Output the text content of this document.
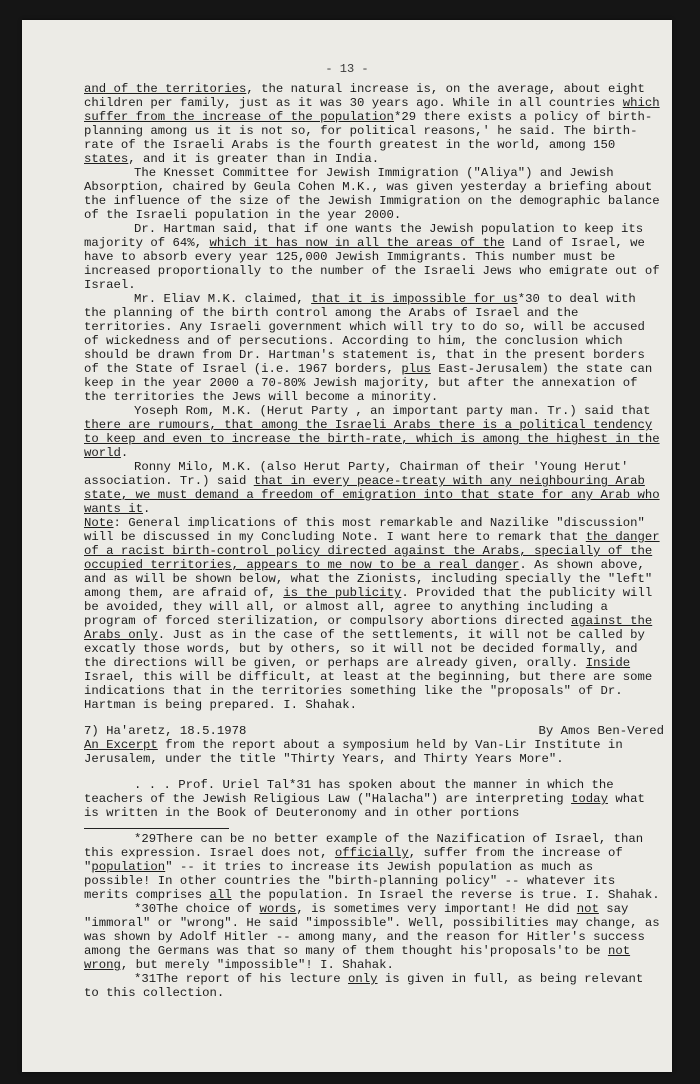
- 13 -

and of the territories, the natural increase is, on the average, about eight children per family, just as it was 30 years ago. While in all countries which suffer from the increase of the population*29 there exists a policy of birth-planning among us it is not so, for political reasons,' he said. The birth-rate of the Israeli Arabs is the fourth greatest in the world, among 150 states, and it is greater than in India.

The Knesset Committee for Jewish Immigration ("Aliya") and Jewish Absorption, chaired by Geula Cohen M.K., was given yesterday a briefing about the influence of the size of the Jewish Immigration on the demographic balance of the Israeli population in the year 2000.

Dr. Hartman said, that if one wants the Jewish population to keep its majority of 64%, which it has now in all the areas of the Land of Israel, we have to absorb every year 125,000 Jewish Immigrants. This number must be increased proportionally to the number of the Israeli Jews who emigrate out of Israel.

Mr. Eliav M.K. claimed, that it is impossible for us*30 to deal with the planning of the birth control among the Arabs of Israel and the territories. Any Israeli government which will try to do so, will be accused of wickedness and of persecutions. According to him, the conclusion which should be drawn from Dr. Hartman's statement is, that in the present borders of the State of Israel (i.e. 1967 borders, plus East-Jerusalem) the state can keep in the year 2000 a 70-80% Jewish majority, but after the annexation of the territories the Jews will become a minority.

Yoseph Rom, M.K. (Herut Party , an important party man. Tr.) said that there are rumours, that among the Israeli Arabs there is a political tendency to keep and even to increase the birth-rate, which is among the highest in the world.

Ronny Milo, M.K. (also Herut Party, Chairman of their 'Young Herut' association. Tr.) said that in every peace-treaty with any neighbouring Arab state, we must demand a freedom of emigration into that state for any Arab who wants it.

Note: General implications of this most remarkable and Nazilike "discussion" will be discussed in my Concluding Note. I want here to remark that the danger of a racist birth-control policy directed against the Arabs, specially of the occupied territories, appears to me now to be a real danger. As shown above, and as will be shown below, what the Zionists, including specially the "left" among them, are afraid of, is the publicity. Provided that the publicity will be avoided, they will all, or almost all, agree to anything including a program of forced sterilization, or compulsory abortions directed against the Arabs only. Just as in the case of the settlements, it will not be called by excatly those words, but by others, so it will not be decided formally, and the directions will be given, or perhaps are already given, orally. Inside Israel, this will be difficult, at least at the beginning, but there are some indications that in the territories something like the "proposals" of Dr. Hartman is being prepared. I. Shahak.

7) Ha'aretz, 18.5.1978	By Amos Ben-Vered

An Excerpt from the report about a symposium held by Van-Lir Institute in Jerusalem, under the title "Thirty Years, and Thirty Years More".

. . . Prof. Uriel Tal*31 has spoken about the manner in which the teachers of the Jewish Religious Law ("Halacha") are interpreting today what is written in the Book of Deuteronomy and in other portions

*29There can be no better example of the Nazification of Israel, than this expression. Israel does not, officially, suffer from the increase of "population" -- it tries to increase its Jewish population as much as possible! In other countries the "birth-planning policy" -- whatever its merits comprises all the population. In Israel the reverse is true. I. Shahak.

*30The choice of words, is sometimes very important! He did not say "immoral" or "wrong". He said "impossible". Well, possibilities may change, as was shown by Adolf Hitler -- among many, and the reason for Hitler's success among the Germans was that so many of them thought his'proposals'to be not wrong, but merely "impossible"! I. Shahak.

*31The report of his lecture only is given in full, as being relevant to this collection.
